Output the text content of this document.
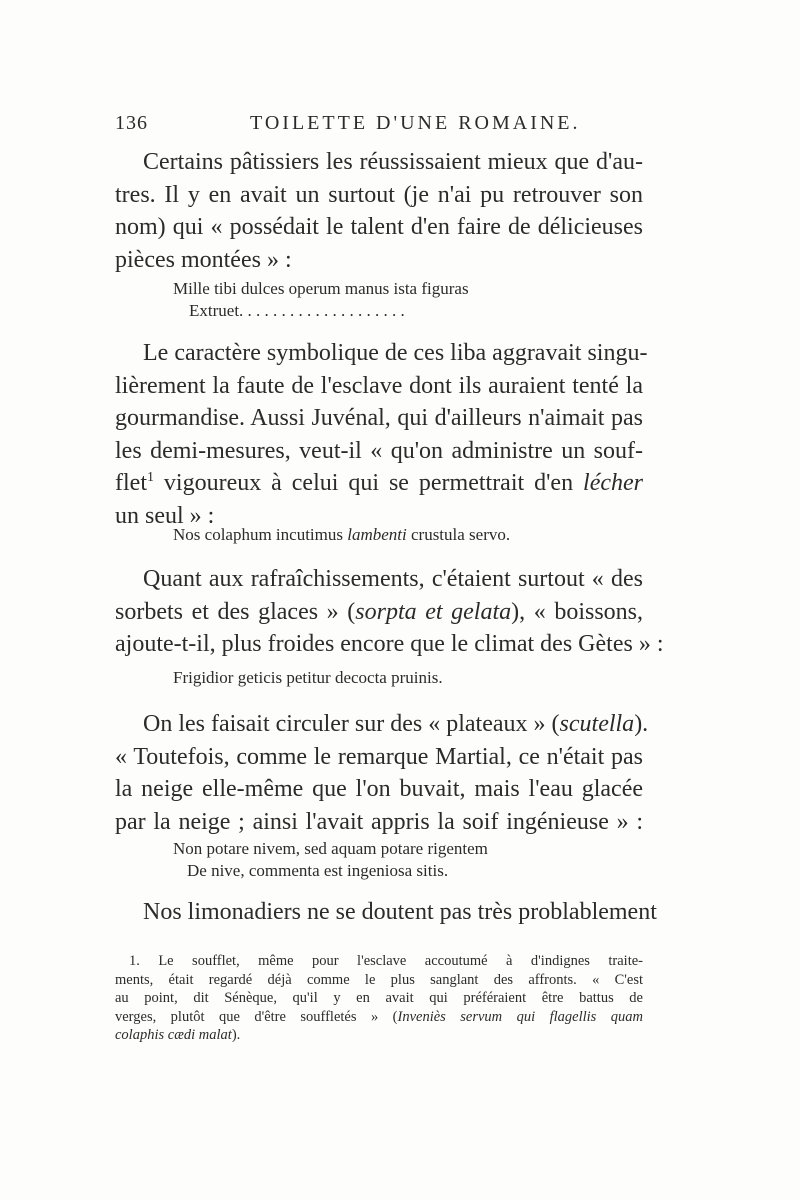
136	TOILETTE D'UNE ROMAINE.

Certains pâtissiers les réussissaient mieux que d'au-
tres. Il y en avait un surtout (je n'ai pu retrouver son
nom) qui « possédait le talent d'en faire de délicieuses
pièces montées » :

Mille tibi dulces operum manus ista figuras
Extruet. . . . . . . . . . . . . . . . . . . .

Le caractère symbolique de ces liba aggravait singu-
lièrement la faute de l'esclave dont ils auraient tenté la
gourmandise. Aussi Juvénal, qui d'ailleurs n'aimait pas
les demi-mesures, veut-il « qu'on administre un souf-
flet$^1$ vigoureux à celui qui se permettrait d'en lécher
un seul » :

Nos colaphum incutimus lambenti crustula servo.

Quant aux rafraîchissements, c'étaient surtout « des
sorbets et des glaces » (sorpta et gelata), « boissons,
ajoute-t-il, plus froides encore que le climat des Gètes » :

Frigidior geticis petitur decocta pruinis.

On les faisait circuler sur des « plateaux » (scutella).
« Toutefois, comme le remarque Martial, ce n'était pas
la neige elle-même que l'on buvait, mais l'eau glacée
par la neige ; ainsi l'avait appris la soif ingénieuse » :

Non potare nivem, sed aquam potare rigentem
De nive, commenta est ingeniosa sitis.

Nos limonadiers ne se doutent pas très problablement

1. Le soufflet, même pour l'esclave accoutumé à d'indignes traite-
ments, était regardé déjà comme le plus sanglant des affronts. « C'est
au point, dit Sénèque, qu'il y en avait qui préféraient être battus de
verges, plutôt que d'être souffletés » (Inveniès servum qui flagellis quam
colaphis cædi malat).
